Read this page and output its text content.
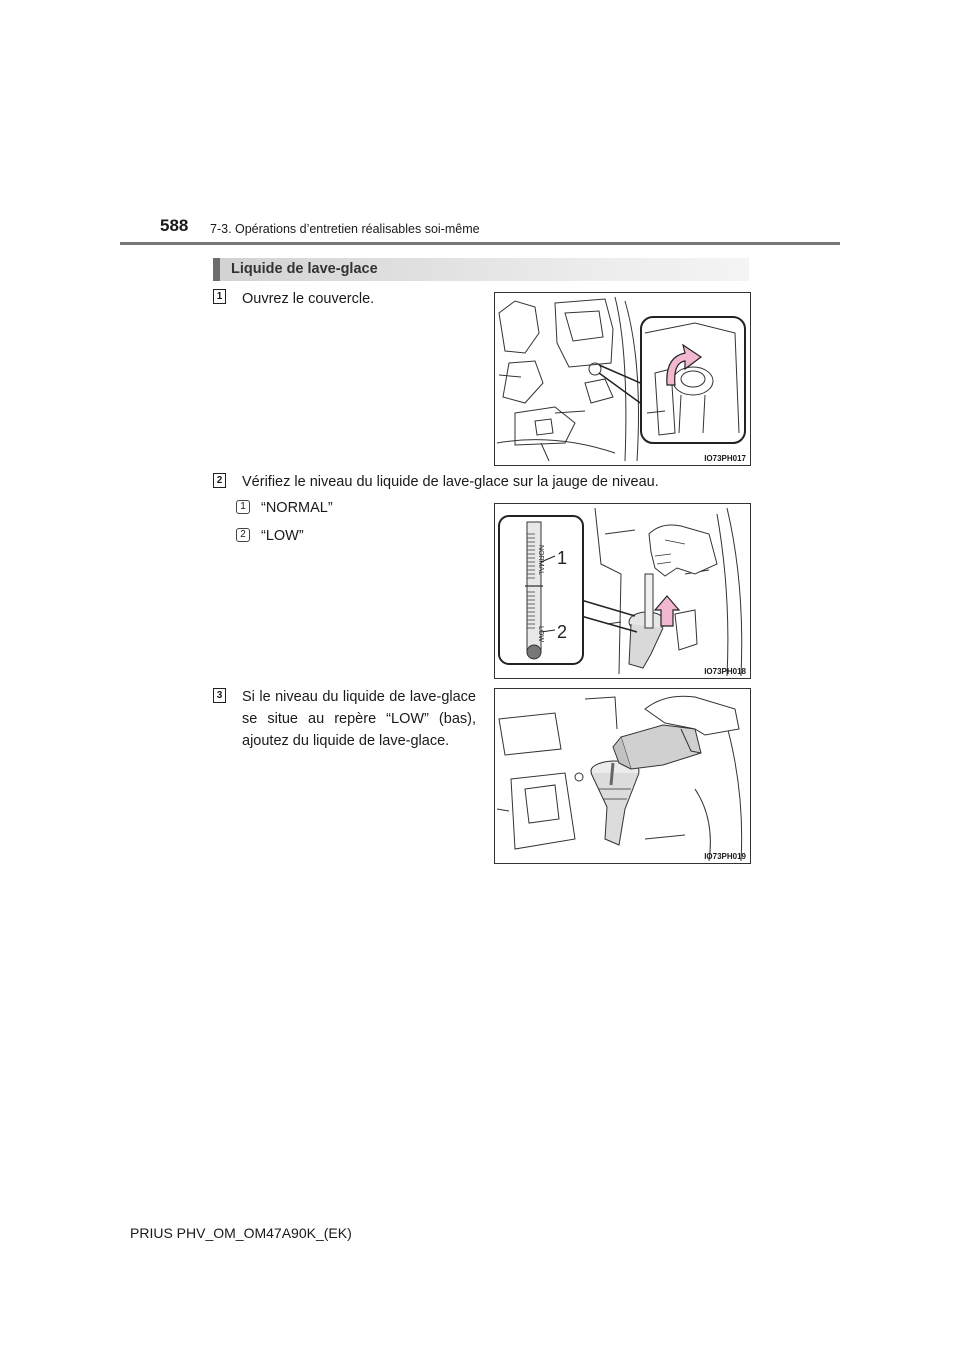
588 7-3. Opérations d’entretien réalisables soi-même
Liquide de lave-glace
1 Ouvrez le couvercle.
IO73PH017
2 Vérifiez le niveau du liquide de lave-glace sur la jauge de niveau.
1 “NORMAL”
2 “LOW”
NORMAL
LOW
1
2
IO73PH018
3 Si le niveau du liquide de lave-glace se situe au repère “LOW” (bas), ajoutez du liquide de lave-glace.
IO73PH019
PRIUS PHV_OM_OM47A90K_(EK)
